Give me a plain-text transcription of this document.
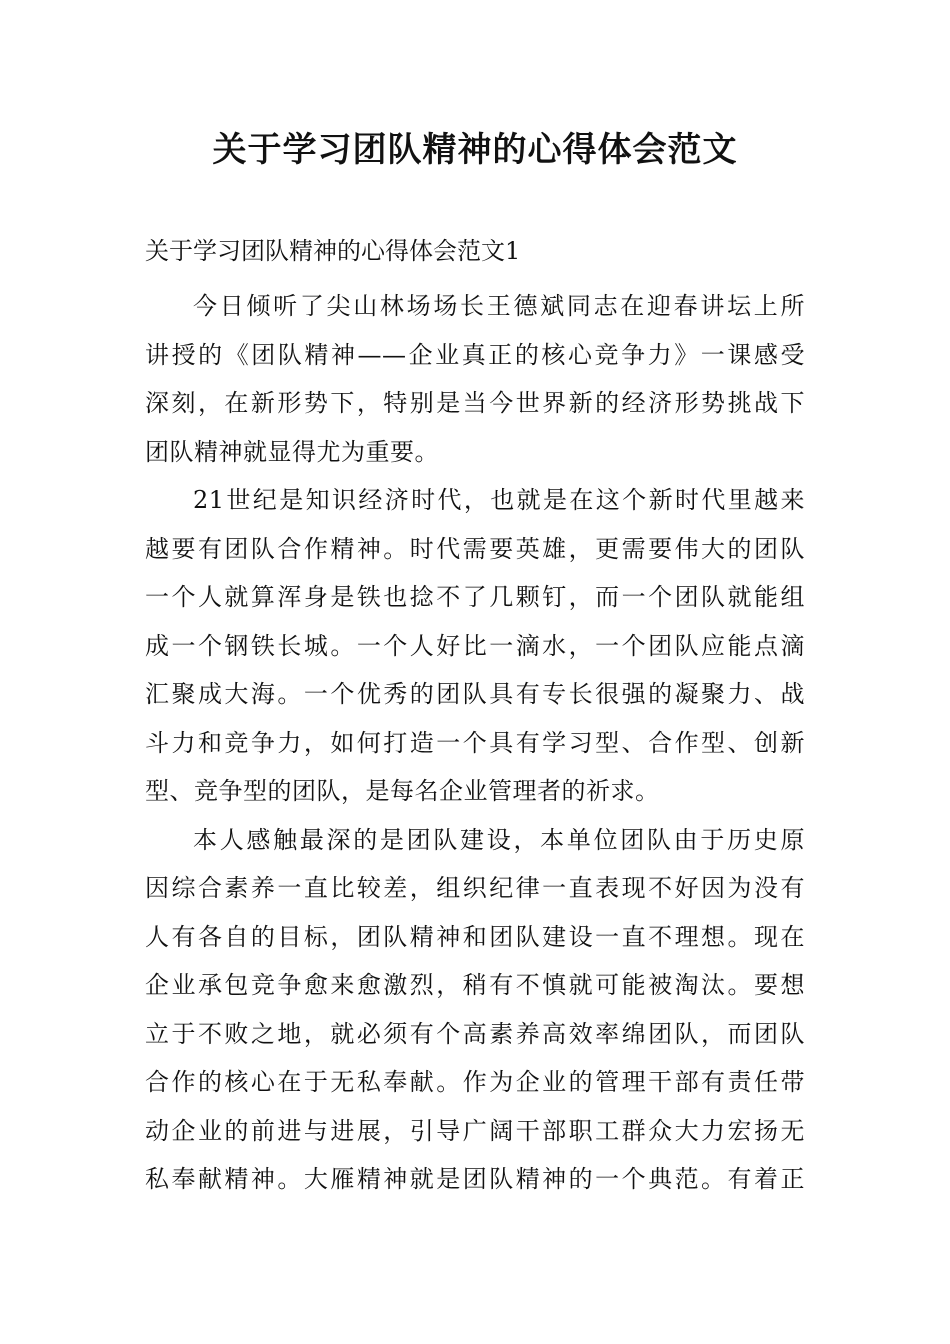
关于学习团队精神的心得体会范文

关于学习团队精神的心得体会范文1

今日倾听了尖山林场场长王德斌同志在迎春讲坛上所
讲授的《团队精神——企业真正的核心竞争力》一课感受
深刻，在新形势下，特别是当今世界新的经济形势挑战下
团队精神就显得尤为重要。

21世纪是知识经济时代，也就是在这个新时代里越来
越要有团队合作精神。时代需要英雄，更需要伟大的团队
一个人就算浑身是铁也捻不了几颗钉，而一个团队就能组
成一个钢铁长城。一个人好比一滴水，一个团队应能点滴
汇聚成大海。一个优秀的团队具有专长很强的凝聚力、战
斗力和竞争力，如何打造一个具有学习型、合作型、创新
型、竞争型的团队，是每名企业管理者的祈求。

本人感触最深的是团队建设，本单位团队由于历史原
因综合素养一直比较差，组织纪律一直表现不好因为没有
人有各自的目标，团队精神和团队建设一直不理想。现在
企业承包竞争愈来愈激烈，稍有不慎就可能被淘汰。要想
立于不败之地，就必须有个高素养高效率绵团队，而团队
合作的核心在于无私奉献。作为企业的管理干部有责任带
动企业的前进与进展，引导广阔干部职工群众大力宏扬无
私奉献精神。大雁精神就是团队精神的一个典范。有着正
